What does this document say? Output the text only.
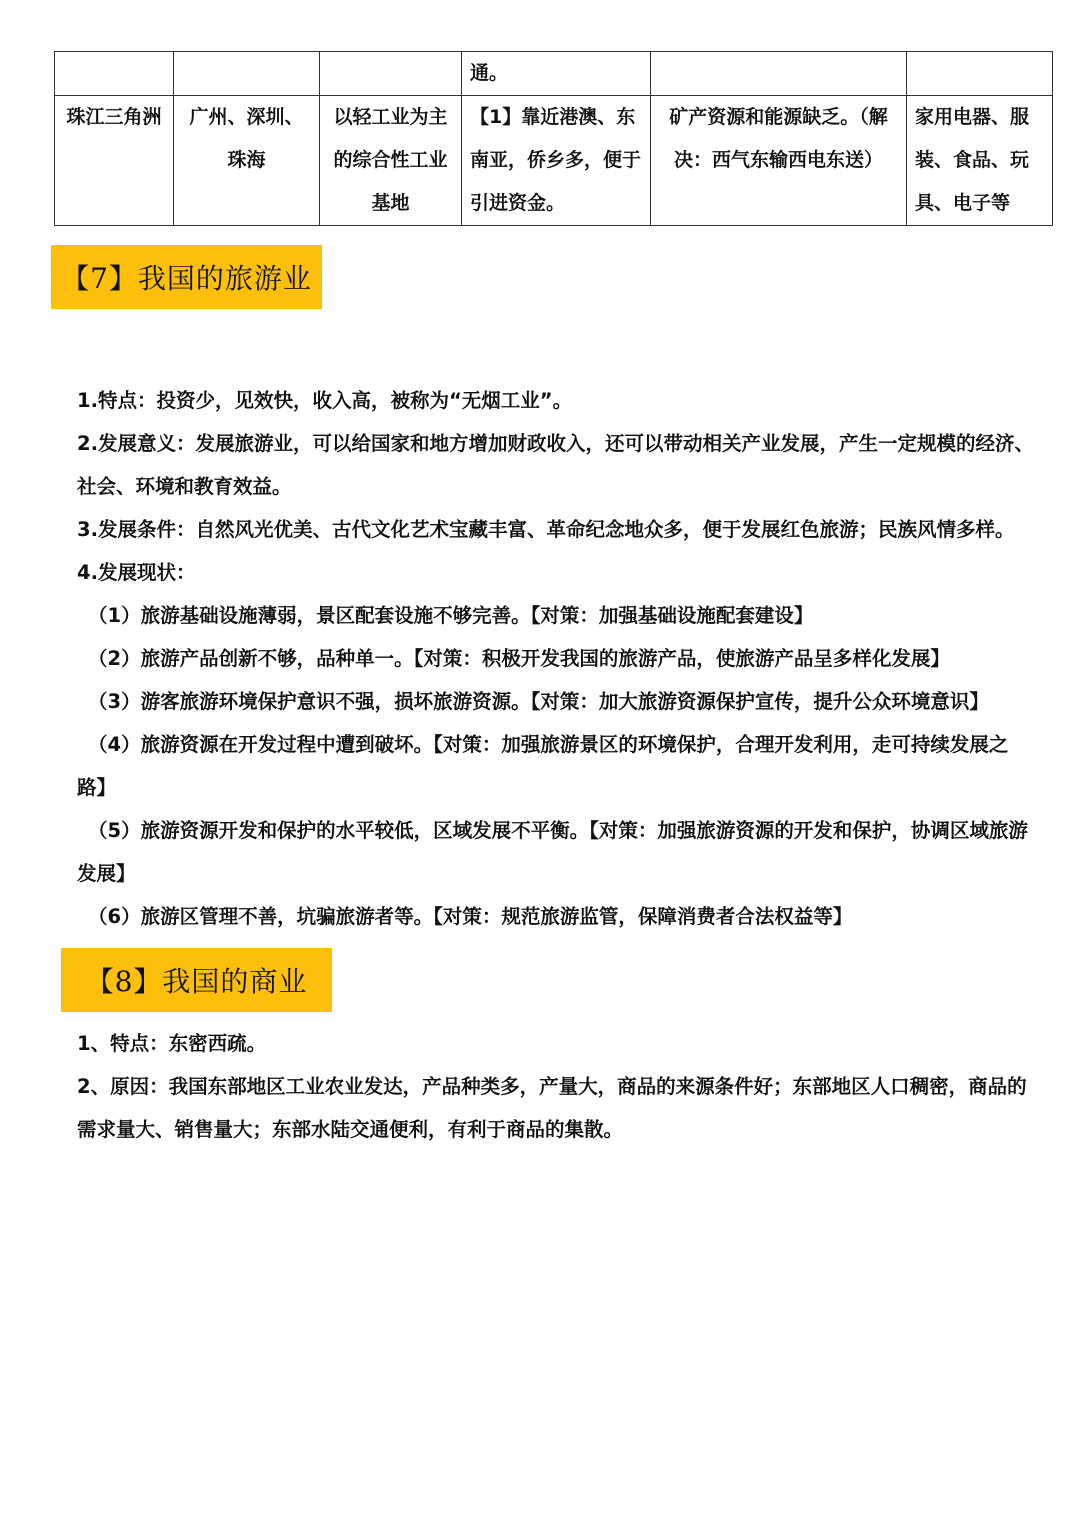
			通。		
珠江三角洲	广州、深圳、珠海	以轻工业为主的综合性工业基地	【1】靠近港澳、东南亚，侨乡多，便于引进资金。	矿产资源和能源缺乏。（解决：西气东输西电东送）	家用电器、服装、食品、玩具、电子等
【7】我国的旅游业
1.特点：投资少，见效快，收入高，被称为“无烟工业”。
2.发展意义：发展旅游业，可以给国家和地方增加财政收入，还可以带动相关产业发展，产生一定规模的经济、社会、环境和教育效益。
3.发展条件：自然风光优美、古代文化艺术宝藏丰富、革命纪念地众多，便于发展红色旅游；民族风情多样。
4.发展现状：
（1）旅游基础设施薄弱，景区配套设施不够完善。【对策：加强基础设施配套建设】
（2）旅游产品创新不够，品种单一。【对策：积极开发我国的旅游产品，使旅游产品呈多样化发展】
（3）游客旅游环境保护意识不强，损坏旅游资源。【对策：加大旅游资源保护宣传，提升公众环境意识】
（4）旅游资源在开发过程中遭到破坏。【对策：加强旅游景区的环境保护，合理开发利用，走可持续发展之路】
（5）旅游资源开发和保护的水平较低，区域发展不平衡。【对策：加强旅游资源的开发和保护，协调区域旅游发展】
（6）旅游区管理不善，坑骗旅游者等。【对策：规范旅游监管，保障消费者合法权益等】
【8】我国的商业
1、特点：东密西疏。
2、原因：我国东部地区工业农业发达，产品种类多，产量大，商品的来源条件好；东部地区人口稠密，商品的需求量大、销售量大；东部水陆交通便利，有利于商品的集散。
